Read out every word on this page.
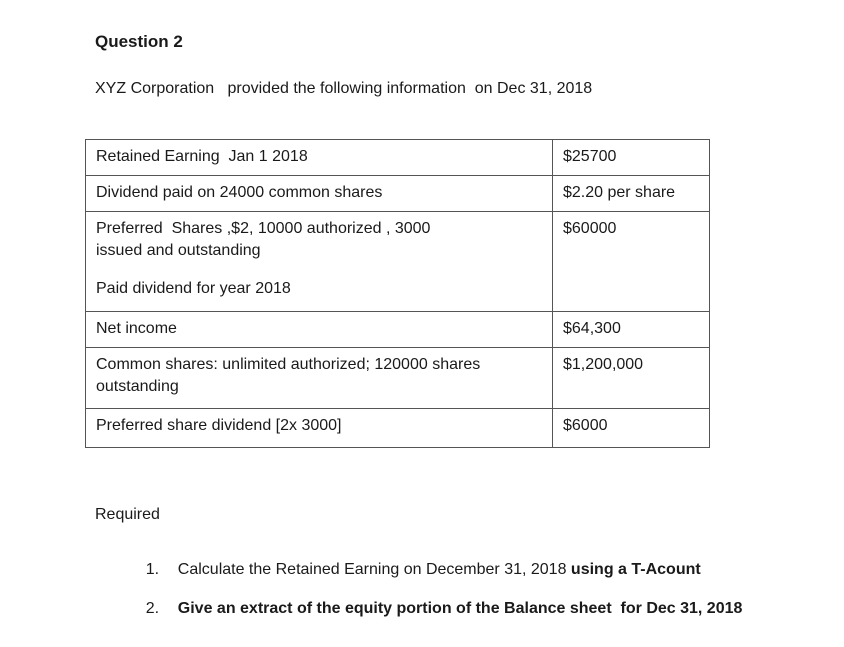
Question 2
XYZ Corporation   provided the following information  on Dec 31, 2018
Retained Earning  Jan 1 2018	$25700

Dividend paid on 24000 common shares	$2.20 per share

Preferred  Shares ,$2, 10000 authorized , 3000 issued and outstanding
Paid dividend for year 2018	$60000

Net income	$64,300

Common shares: unlimited authorized; 120000 shares outstanding	$1,200,000

Preferred share dividend [2x 3000]	$6000
Required

1. Calculate the Retained Earning on December 31, 2018 using a T-Acount

2. Give an extract of the equity portion of the Balance sheet  for Dec 31, 2018
